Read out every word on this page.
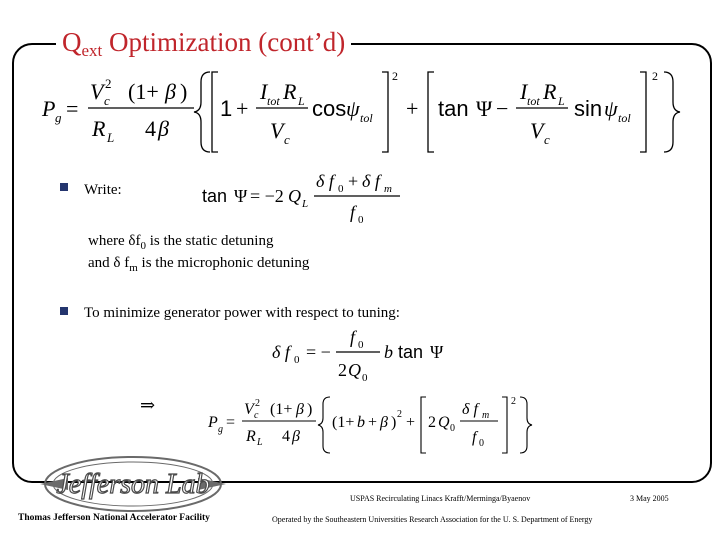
$Q_{ext}$ Optimization (cont’d)
P g =
V c
2 (1+ β )
R L 4 β
1 +
I tot R L
V c
cos ψ tol
2
+ tan Ψ −
I tot R L
V c
sin ψ tol
2
Write:	tan Ψ = −2 Q L
δ f 0 + δ f m
f 0
where $\delta f_0$ is the static detuning
and δ $f_m$ is the microphonic detuning
To minimize generator power with respect to tuning:
δ f 0 = −
f 0
2 Q 0
b tan Ψ
⇒
P g =
V c
2 (1+ β )
R L 4 β
(1+ b + β ) 2 + 2 Q 0
δ f m
f 0
2
Jefferson Lab
Thomas Jefferson National Accelerator Facility
USPAS Recirculating Linacs Krafft/Merminga/Byaenov	3 May 2005
Operated by the Southeastern Universities Research Association for the U. S. Department of Energy
